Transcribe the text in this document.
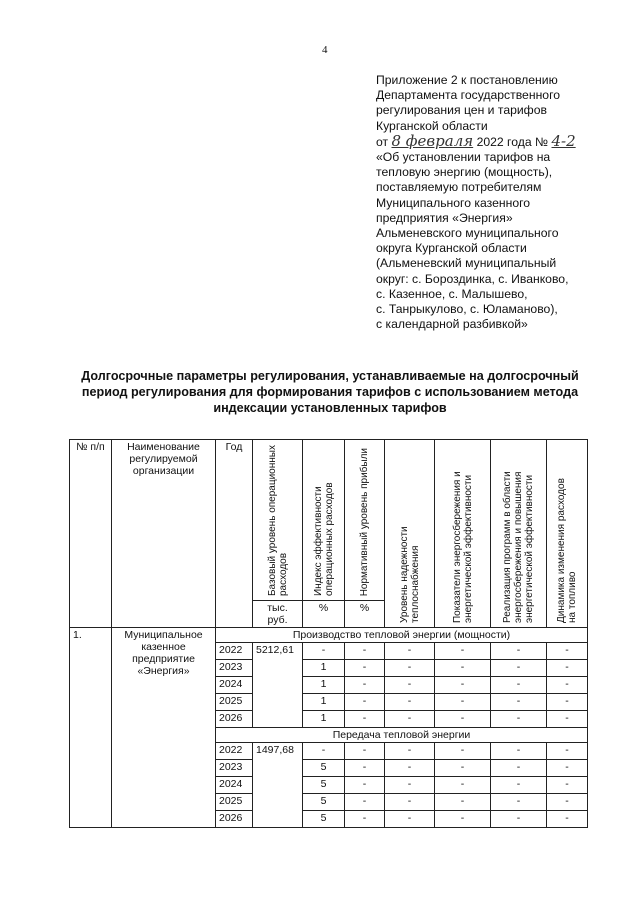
4
Приложение 2 к постановлению
Департамента государственного
регулирования цен и тарифов
Курганской области
от 8 февраля 2022 года № 4-2
«Об установлении тарифов на
тепловую энергию (мощность),
поставляемую потребителям
Муниципального казенного
предприятия «Энергия»
Альменевского муниципального
округа Курганской области
(Альменевский муниципальный
округ: с. Бороздинка, с. Иванково,
с. Казенное, с. Малышево,
с. Танрыкулово, с. Юламаново),
с календарной разбивкой»
Долгосрочные параметры регулирования, устанавливаемые на долгосрочный период регулирования для формирования тарифов с использованием метода индексации установленных тарифов
№ п/п	Наименование регулируемой организации	Год	Базовый уровень операционных расходов	Индекс эффективности операционных расходов	Нормативный уровень прибыли	Уровень надежности теплоснабжения	Показатели энергосбережения и энергетической эффективности	Реализация программ в области энергосбережения и повышения энергетической эффективности	Динамика изменения расходов на топливо

			тыс. руб.	%	%				
1.	Муниципальное казенное предприятие «Энергия»	Производство тепловой энергии (мощности)							
		2022	5212,61	-	-	-	-	-	-
		2023		1	-	-	-	-	-
		2024		1	-	-	-	-	-
		2025		1	-	-	-	-	-
		2026		1	-	-	-	-	-
		Передача тепловой энергии							
		2022	1497,68	-	-	-	-	-	-
		2023		5	-	-	-	-	-
		2024		5	-	-	-	-	-
		2025		5	-	-	-	-	-
		2026		5	-	-	-	-	-
